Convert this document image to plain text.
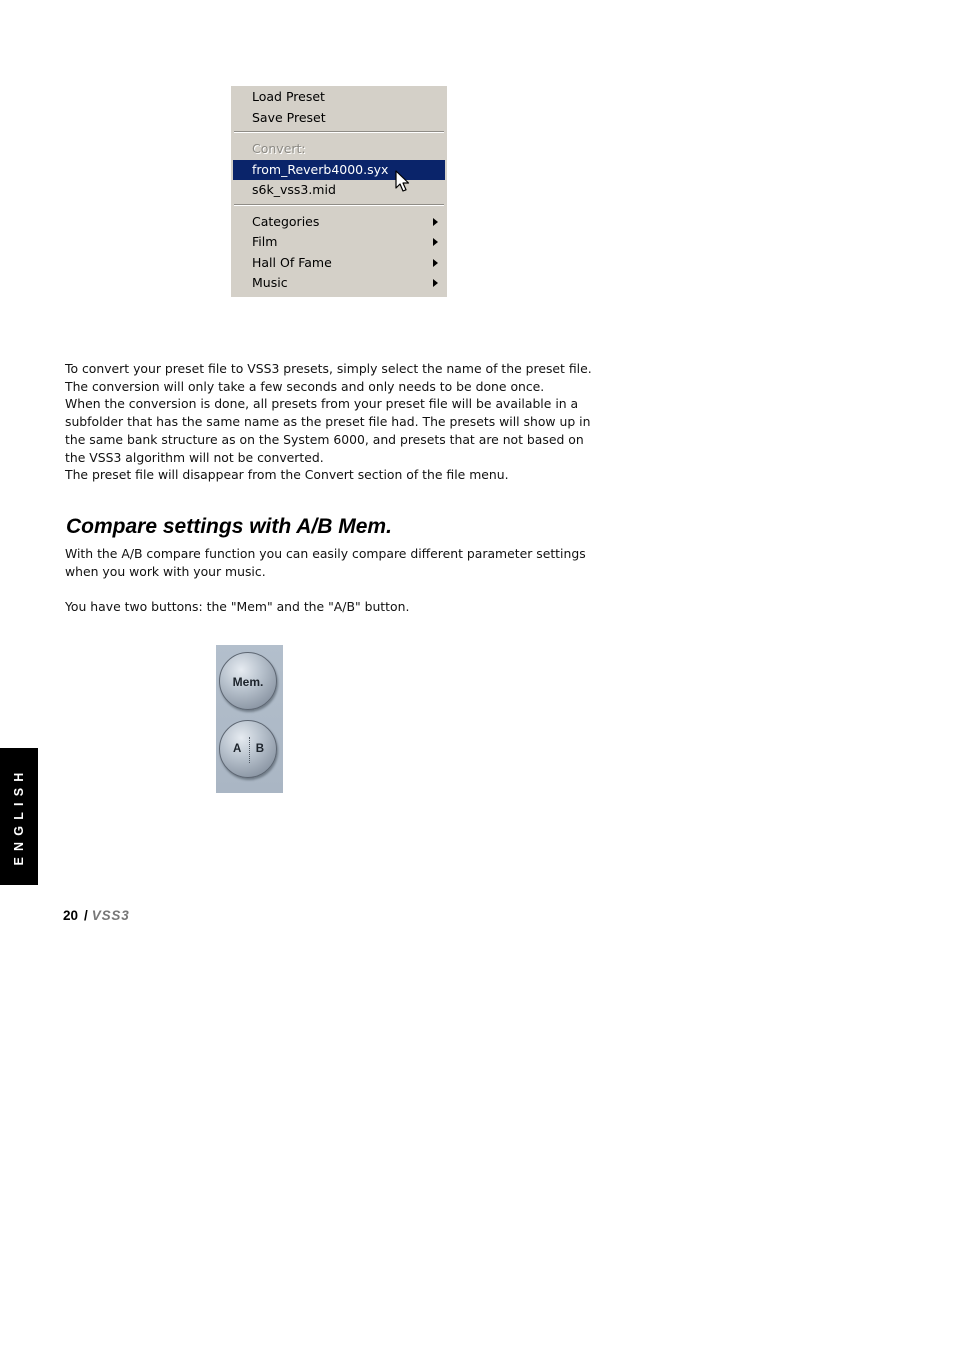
Load Preset
Save Preset
Convert:
from_Reverb4000.syx
s6k_vss3.mid
Categories
Film
Hall Of Fame
Music
To convert your preset file to VSS3 presets, simply select the name of the preset file.
The conversion will only take a few seconds and only needs to be done once.
When the conversion is done, all presets from your preset file will be available in a
subfolder that has the same name as the preset file had. The presets will show up in
the same bank structure as on the System 6000, and presets that are not based on
the VSS3 algorithm will not be converted.
The preset file will disappear from the Convert section of the file menu.
Compare settings with A/B Mem.
With the A/B compare function you can easily compare different parameter settings
when you work with your music.
You have two buttons: the "Mem" and the "A/B" button.
Mem.
A B
ENGLISH
20 / VSS3
